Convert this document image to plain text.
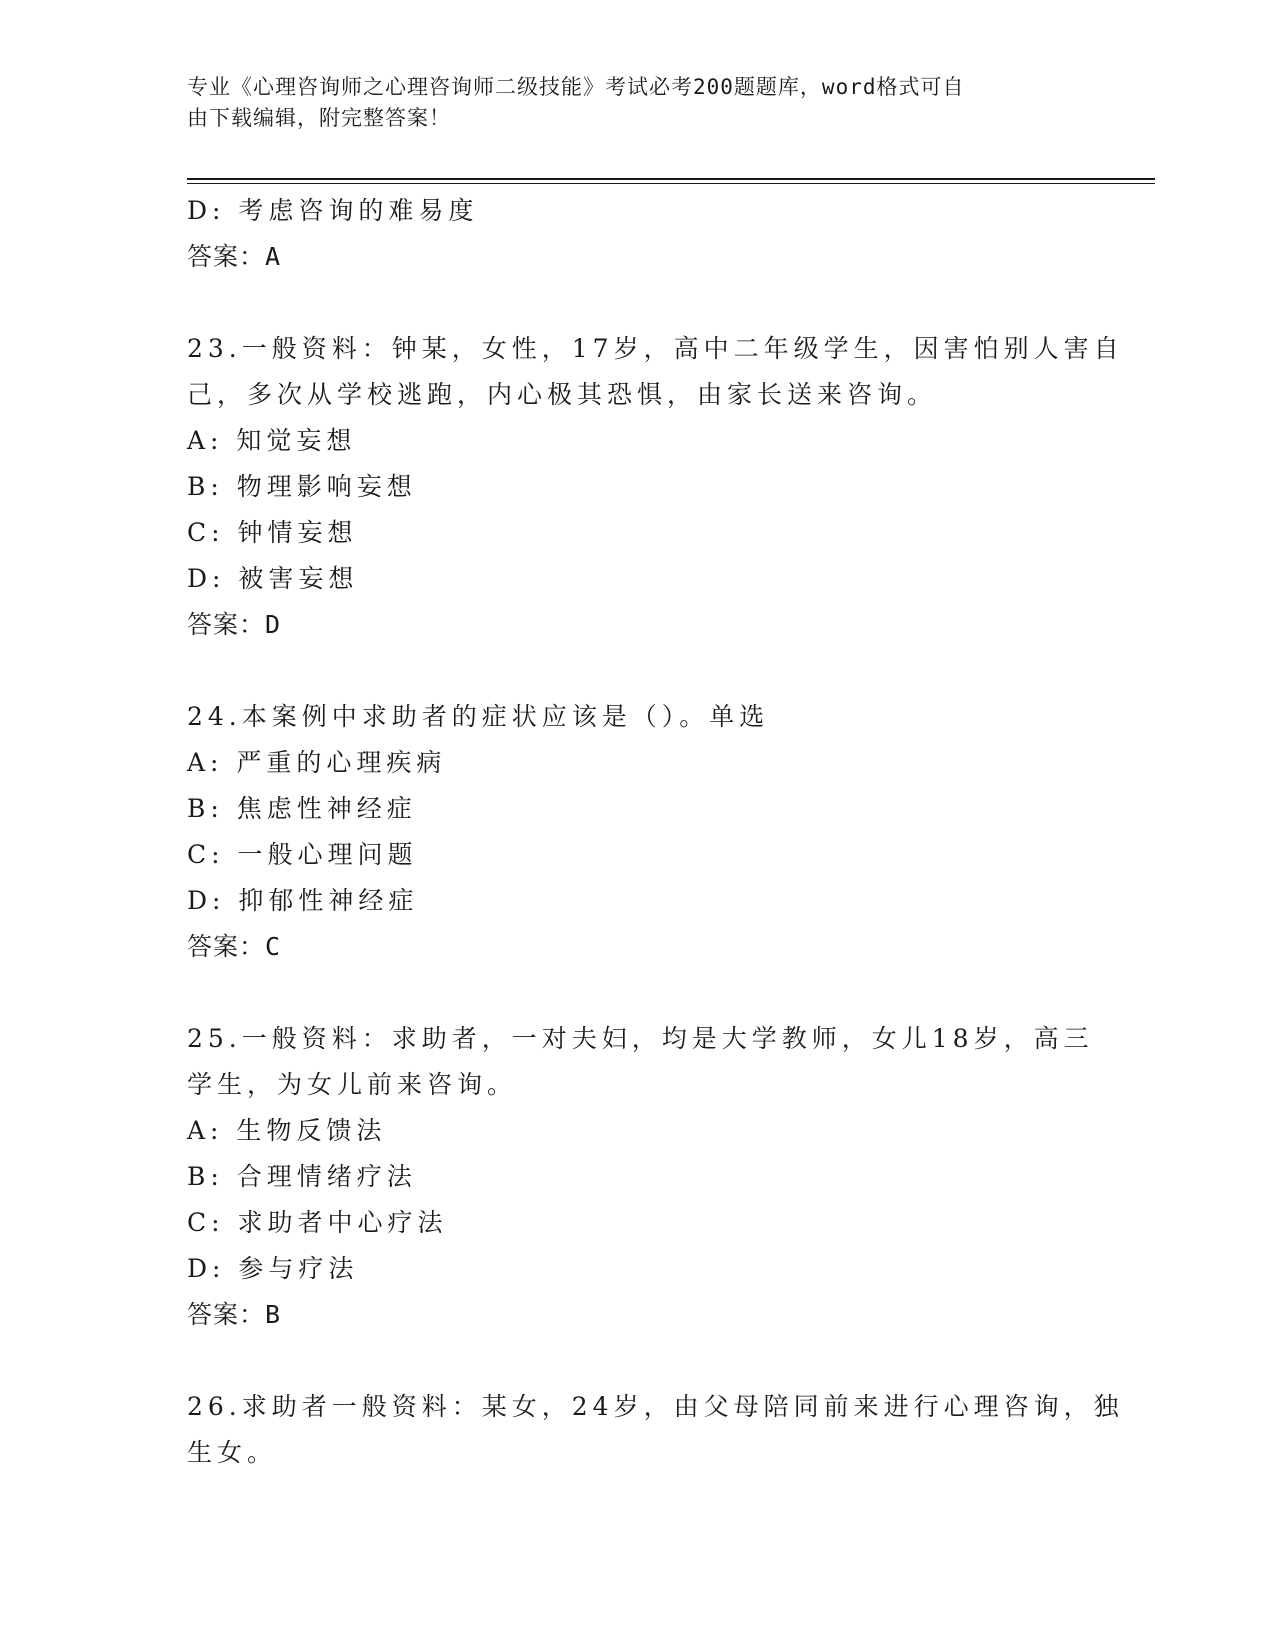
专业《心理咨询师之心理咨询师二级技能》考试必考200题题库，word格式可自
由下载编辑，附完整答案！
D: 考虑咨询的难易度
答案：A
23.一般资料：钟某，女性，17岁，高中二年级学生，因害怕别人害自
己，多次从学校逃跑，内心极其恐惧，由家长送来咨询。
A: 知觉妄想
B: 物理影响妄想
C: 钟情妄想
D: 被害妄想
答案：D
24.本案例中求助者的症状应该是（）。单选
A: 严重的心理疾病
B: 焦虑性神经症
C: 一般心理问题
D: 抑郁性神经症
答案：C
25.一般资料：求助者，一对夫妇，均是大学教师，女儿18岁，高三
学生，为女儿前来咨询。
A: 生物反馈法
B: 合理情绪疗法
C: 求助者中心疗法
D: 参与疗法
答案：B
26.求助者一般资料：某女，24岁，由父母陪同前来进行心理咨询，独
生女。
